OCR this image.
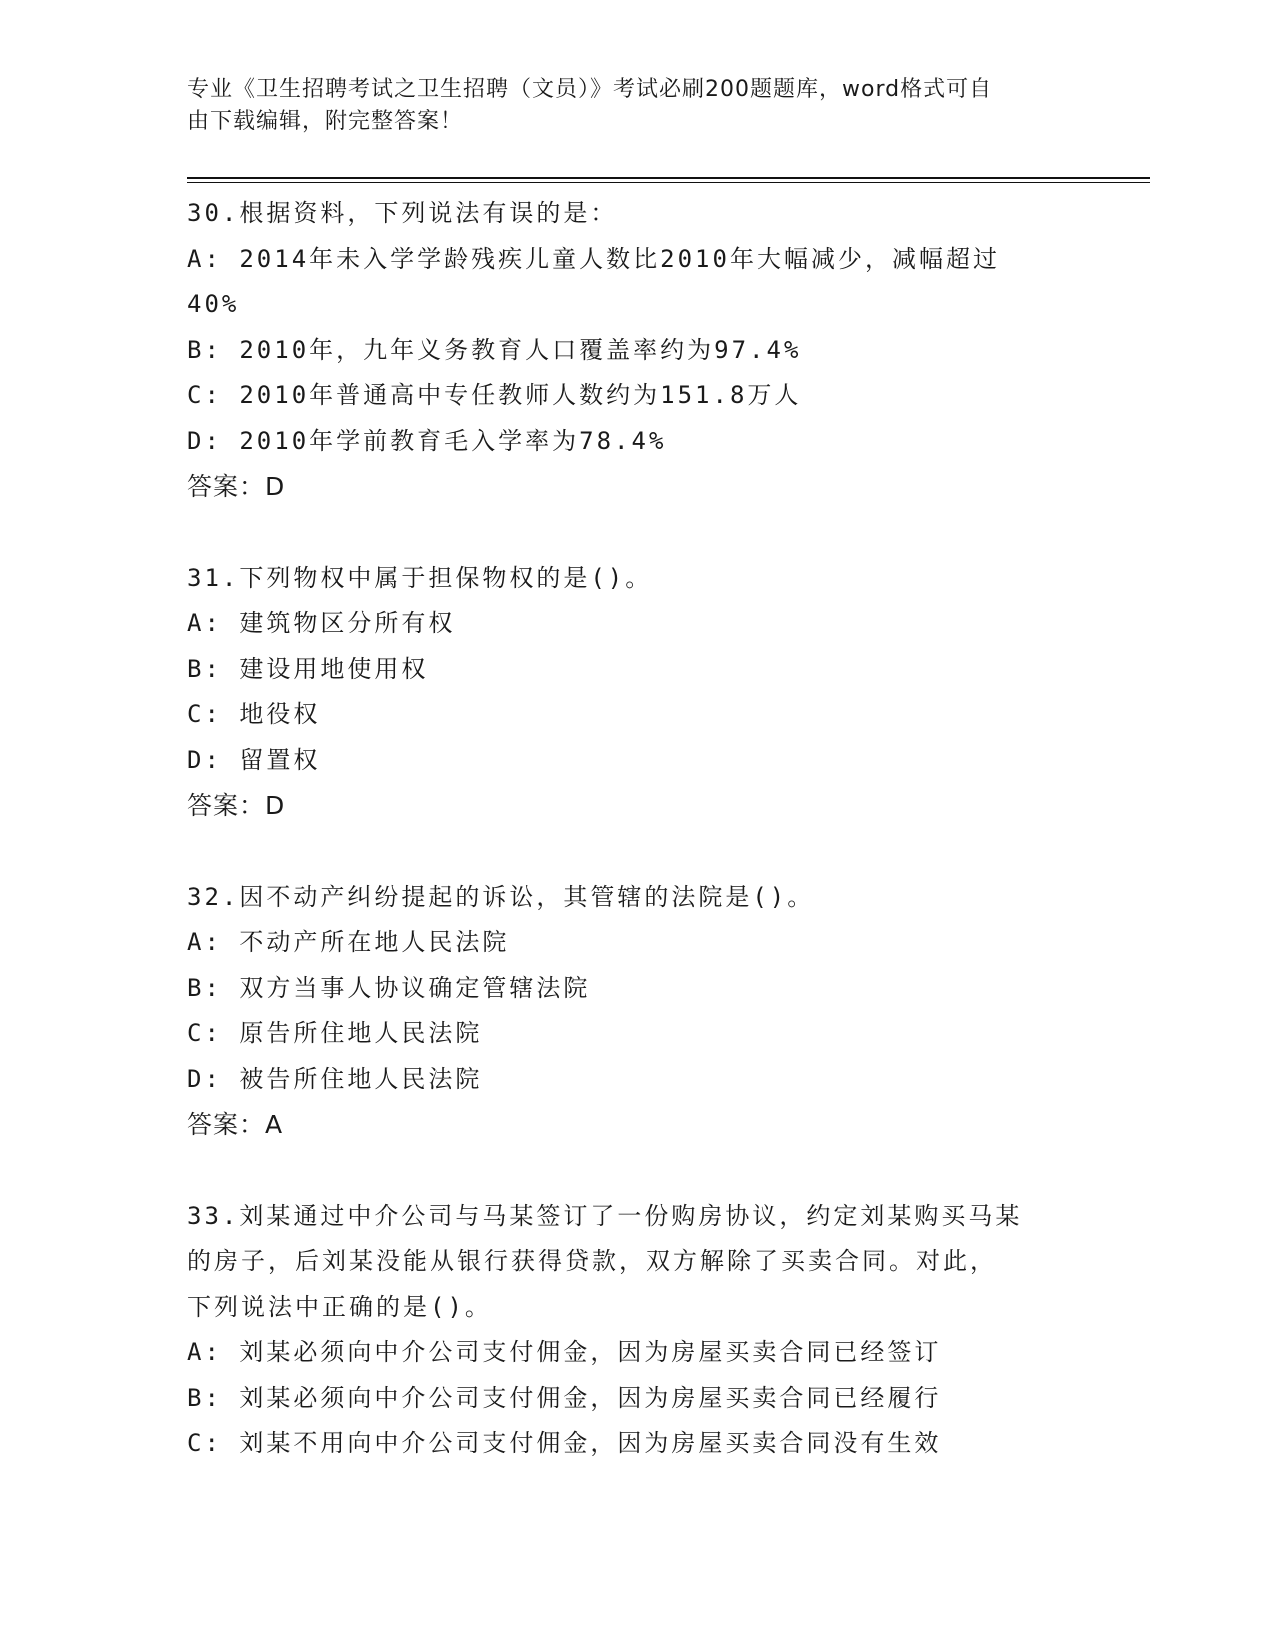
专业《卫生招聘考试之卫生招聘（文员）》考试必刷200题题库，word格式可自
由下载编辑，附完整答案！
30.根据资料，下列说法有误的是：
A: 2014年未入学学龄残疾儿童人数比2010年大幅减少，减幅超过
40%
B: 2010年，九年义务教育人口覆盖率约为97.4%
C: 2010年普通高中专任教师人数约为151.8万人
D: 2010年学前教育毛入学率为78.4%
答案：D
31.下列物权中属于担保物权的是()。
A: 建筑物区分所有权
B: 建设用地使用权
C: 地役权
D: 留置权
答案：D
32.因不动产纠纷提起的诉讼，其管辖的法院是()。
A: 不动产所在地人民法院
B: 双方当事人协议确定管辖法院
C: 原告所住地人民法院
D: 被告所住地人民法院
答案：A
33.刘某通过中介公司与马某签订了一份购房协议，约定刘某购买马某
的房子，后刘某没能从银行获得贷款，双方解除了买卖合同。对此，
下列说法中正确的是()。
A: 刘某必须向中介公司支付佣金，因为房屋买卖合同已经签订
B: 刘某必须向中介公司支付佣金，因为房屋买卖合同已经履行
C: 刘某不用向中介公司支付佣金，因为房屋买卖合同没有生效
